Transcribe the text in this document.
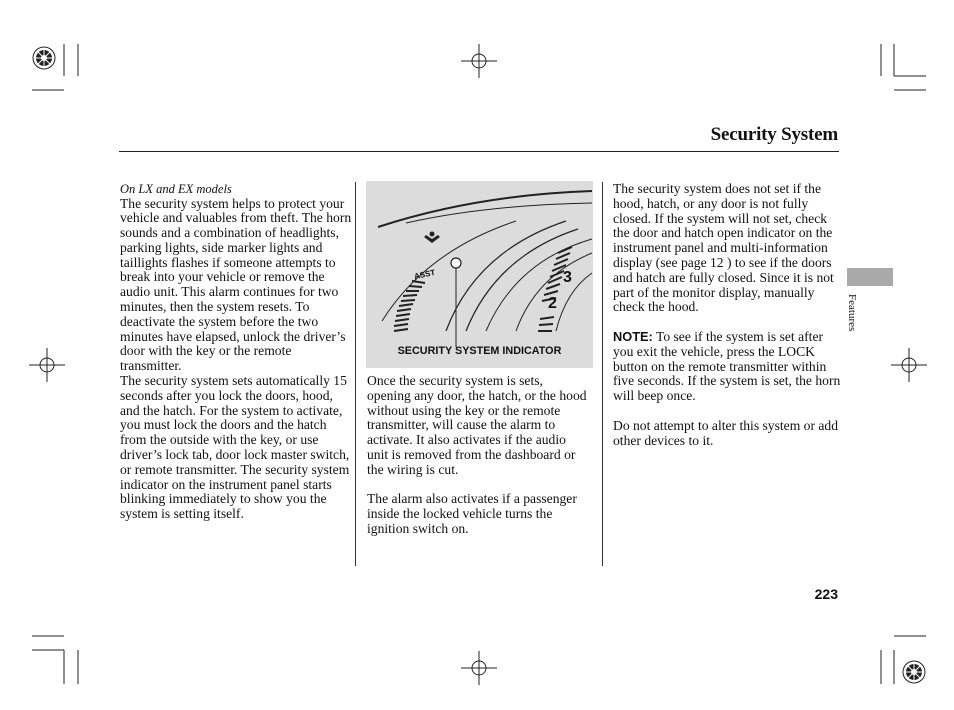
Security System

On LX and EX models

The security system helps to protect your vehicle and valuables from theft. The horn sounds and a combination of headlights, parking lights, side marker lights and taillights flashes if someone attempts to break into your vehicle or remove the audio unit. This alarm continues for two minutes, then the system resets. To deactivate the system before the two minutes have elapsed, unlock the driver’s door with the key or the remote transmitter.

The security system sets automatically 15 seconds after you lock the doors, hood, and the hatch. For the system to activate, you must lock the doors and the hatch from the outside with the key, or use driver’s lock tab, door lock master switch, or remote transmitter. The security system indicator on the instrument panel starts blinking immediately to show you the system is setting itself.

ASST	3
2
SECURITY SYSTEM INDICATOR

Once the security system is sets, opening any door, the hatch, or the hood without using the key or the remote transmitter, will cause the alarm to activate. It also activates if the audio unit is removed from the dashboard or the wiring is cut.

The alarm also activates if a passenger inside the locked vehicle turns the ignition switch on.

The security system does not set if the hood, hatch, or any door is not fully closed. If the system will not set, check the door and hatch open indicator on the instrument panel and multi-information display (see page 12 ) to see if the doors and hatch are fully closed. Since it is not part of the monitor display, manually check the hood.

NOTE: To see if the system is set after you exit the vehicle, press the LOCK button on the remote transmitter within five seconds. If the system is set, the horn will beep once.

Do not attempt to alter this system or add other devices to it.

Features
223
